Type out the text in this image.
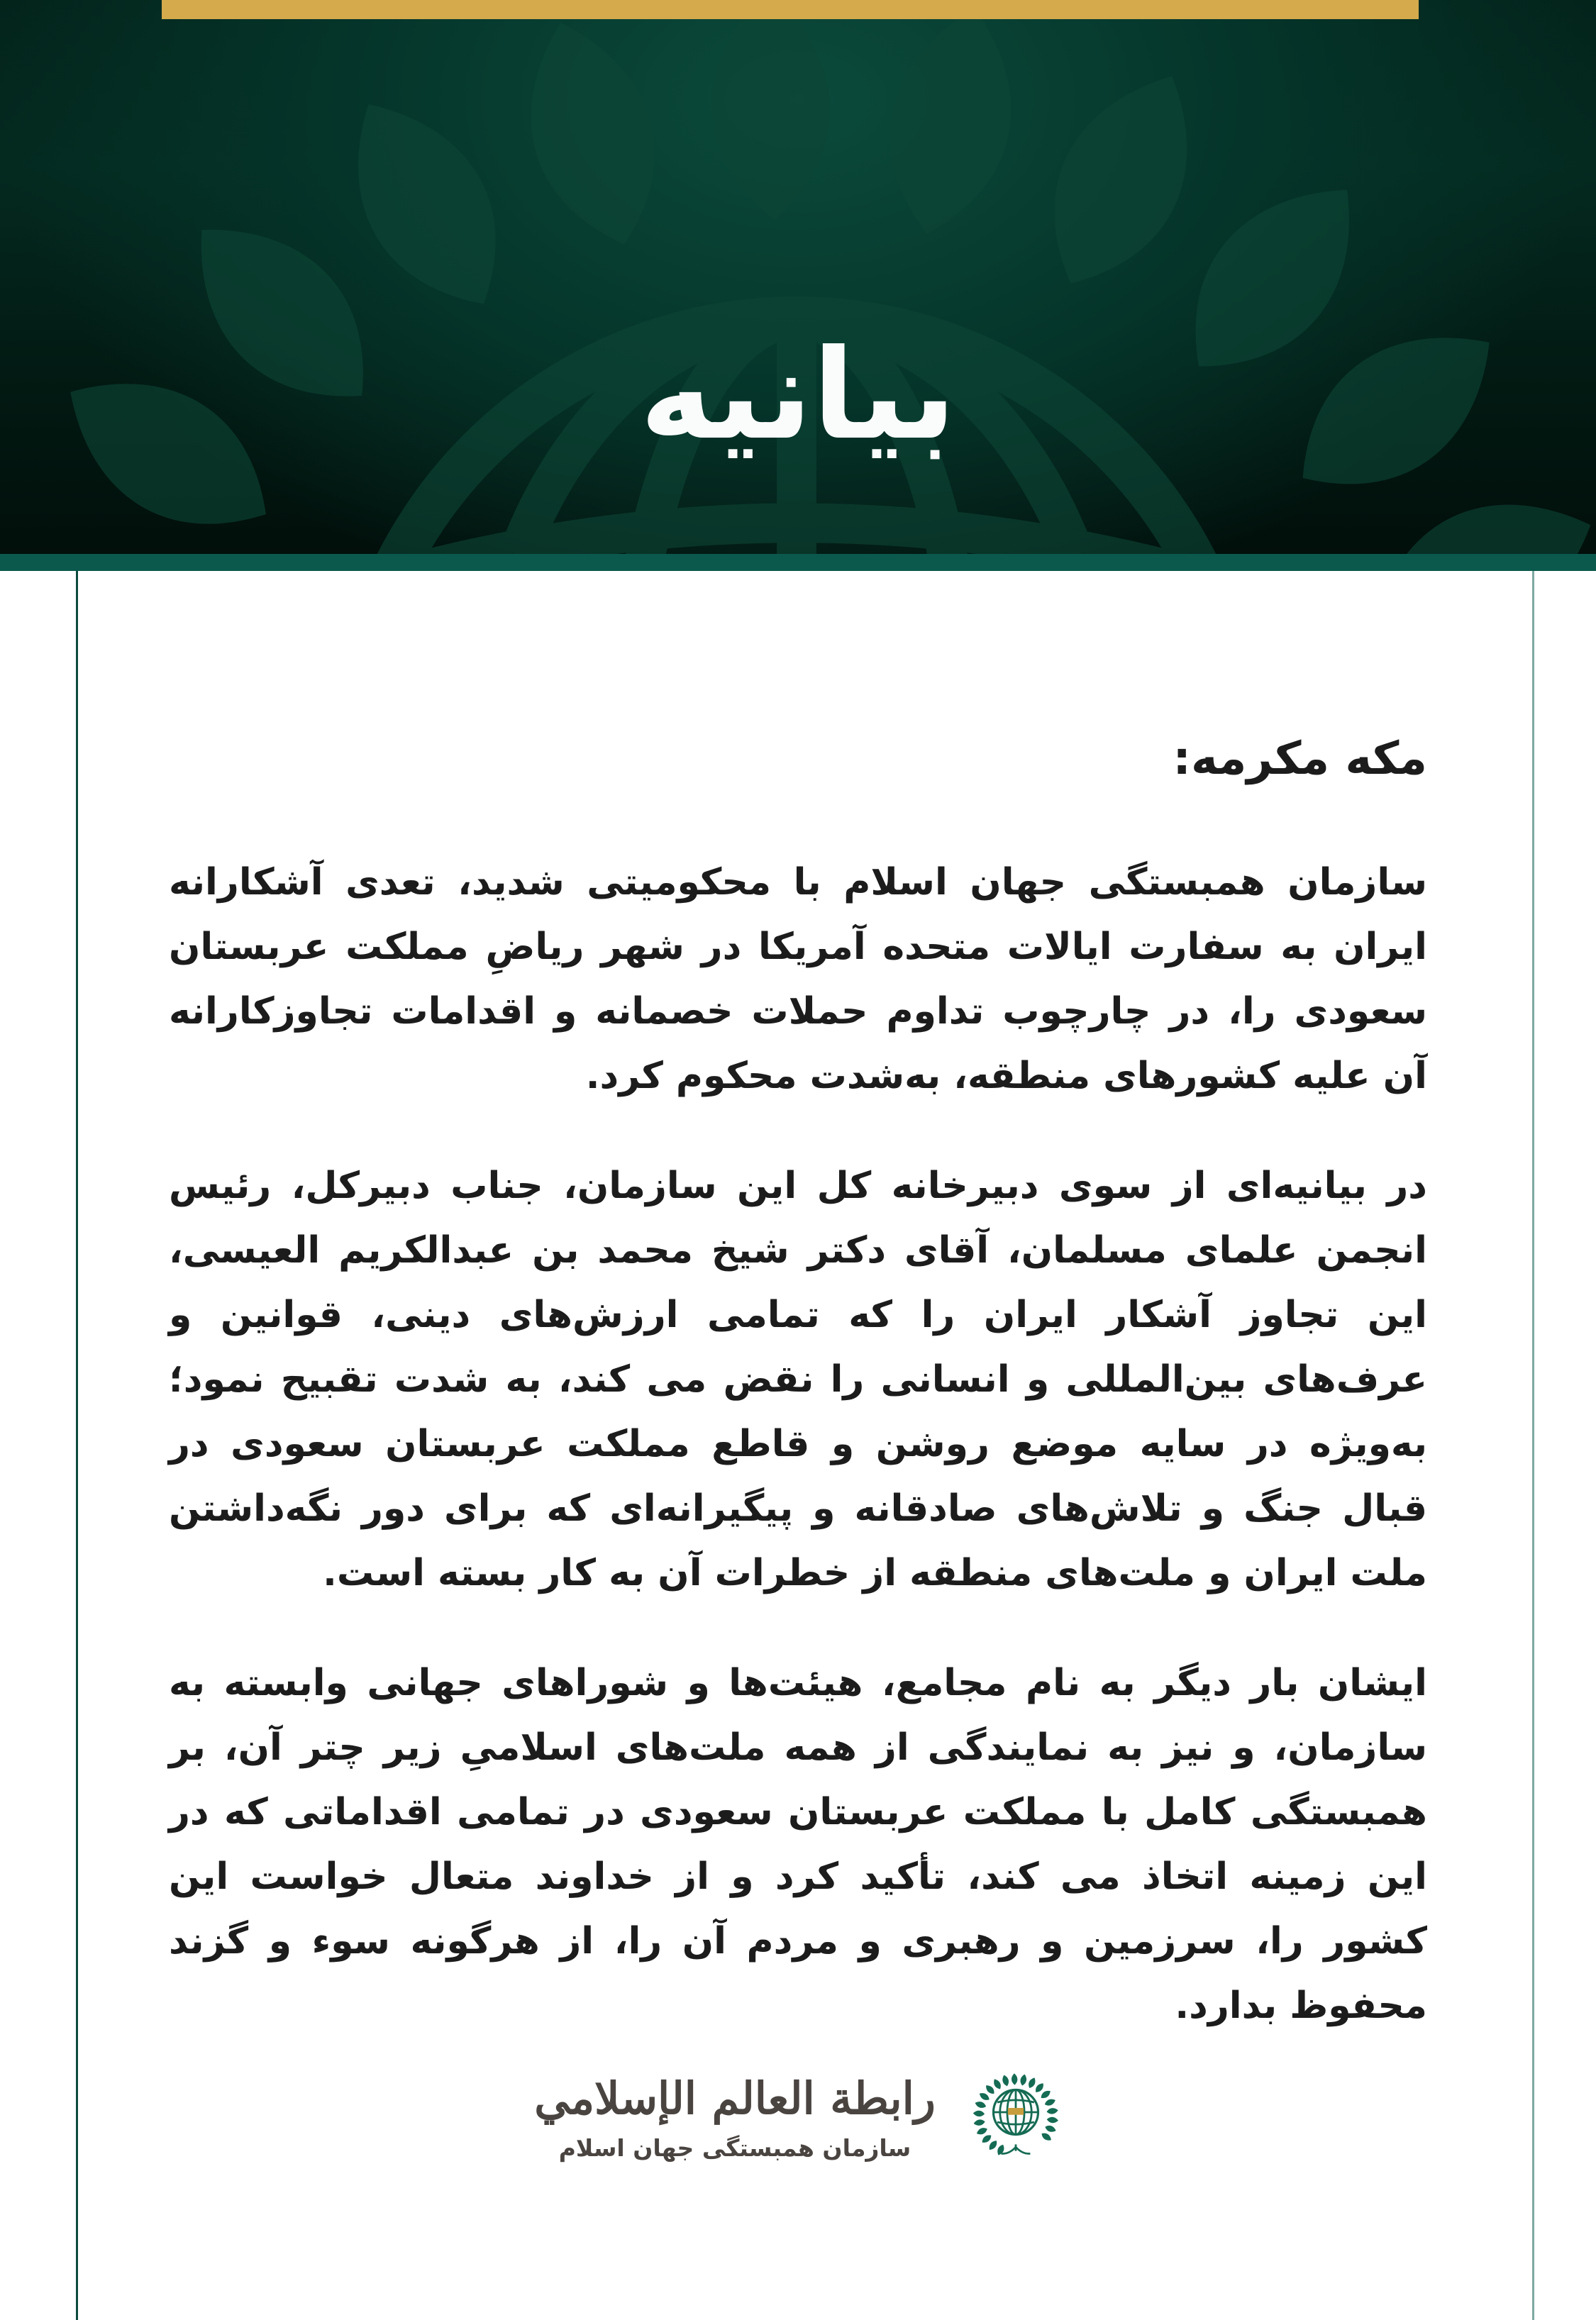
بیانیه
مکه مکرمه:

سازمان همبستگی جهان اسلام با محکومیتی شدید، تعدی آشکارانه ایران به سفارت ایالات متحده آمریکا در شهر ریاضِ مملکت عربستان سعودی را، در چارچوب تداوم حملات خصمانه و اقدامات تجاوزکارانه آن علیه کشورهای منطقه، به‌شدت محکوم کرد.

در بیانیه‌ای از سوی دبیرخانه کل این سازمان، جناب دبیرکل، رئیس انجمن علمای مسلمان، آقای دکتر شیخ محمد بن عبدالکریم العیسی، این تجاوز آشکار ایران را که تمامی ارزش‌های دینی، قوانین و عرف‌های بین‌المللی و انسانی را نقض می کند، به شدت تقبیح نمود؛ به‌ویژه در سایه موضع روشن و قاطع مملکت عربستان سعودی در قبال جنگ و تلاش‌های صادقانه و پیگیرانه‌ای که برای دور نگه‌داشتن ملت ایران و ملت‌های منطقه از خطرات آن به کار بسته است.

ایشان بار دیگر به نام مجامع، هیئت‌ها و شوراهای جهانی وابسته به سازمان، و نیز به نمایندگی از همه ملت‌های اسلامیِ زیر چتر آن، بر همبستگی کامل با مملکت عربستان سعودی در تمامی اقداماتی که در این زمینه اتخاذ می کند، تأکید کرد و از خداوند متعال خواست این کشور را، سرزمین و رهبری و مردم آن را، از هرگونه سوء و گزند محفوظ بدارد.

رابطة العالم الإسلامي
سازمان همبستگی جهان اسلام
